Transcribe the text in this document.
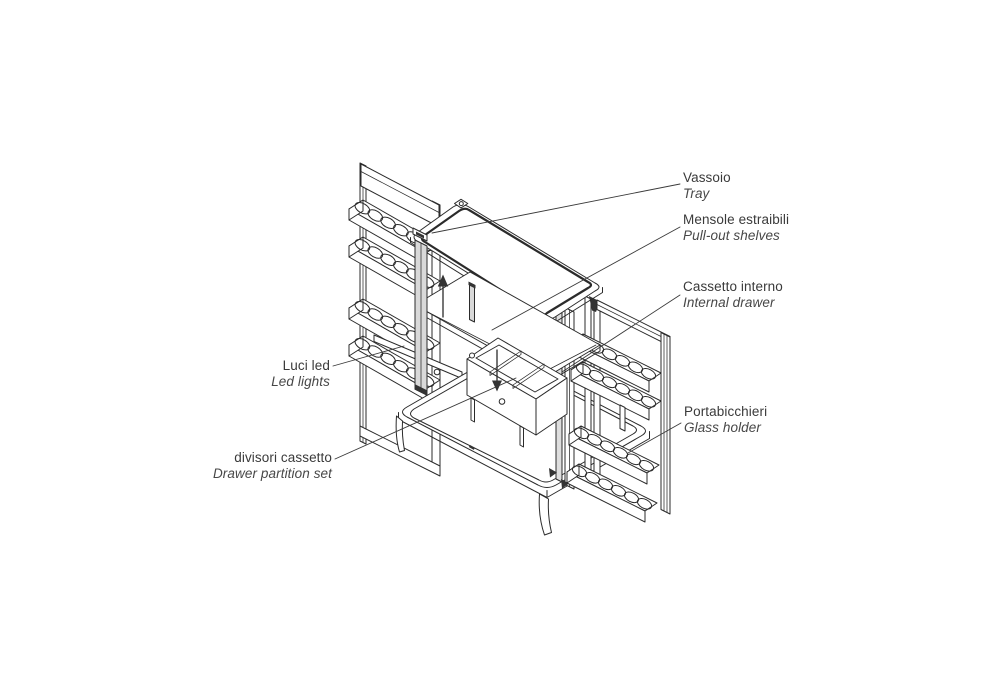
Vassoio
Tray
Mensole estraibili
Pull-out shelves
Cassetto interno
Internal drawer
Portabicchieri
Glass holder
Luci led
Led lights
divisori cassetto
Drawer partition set
